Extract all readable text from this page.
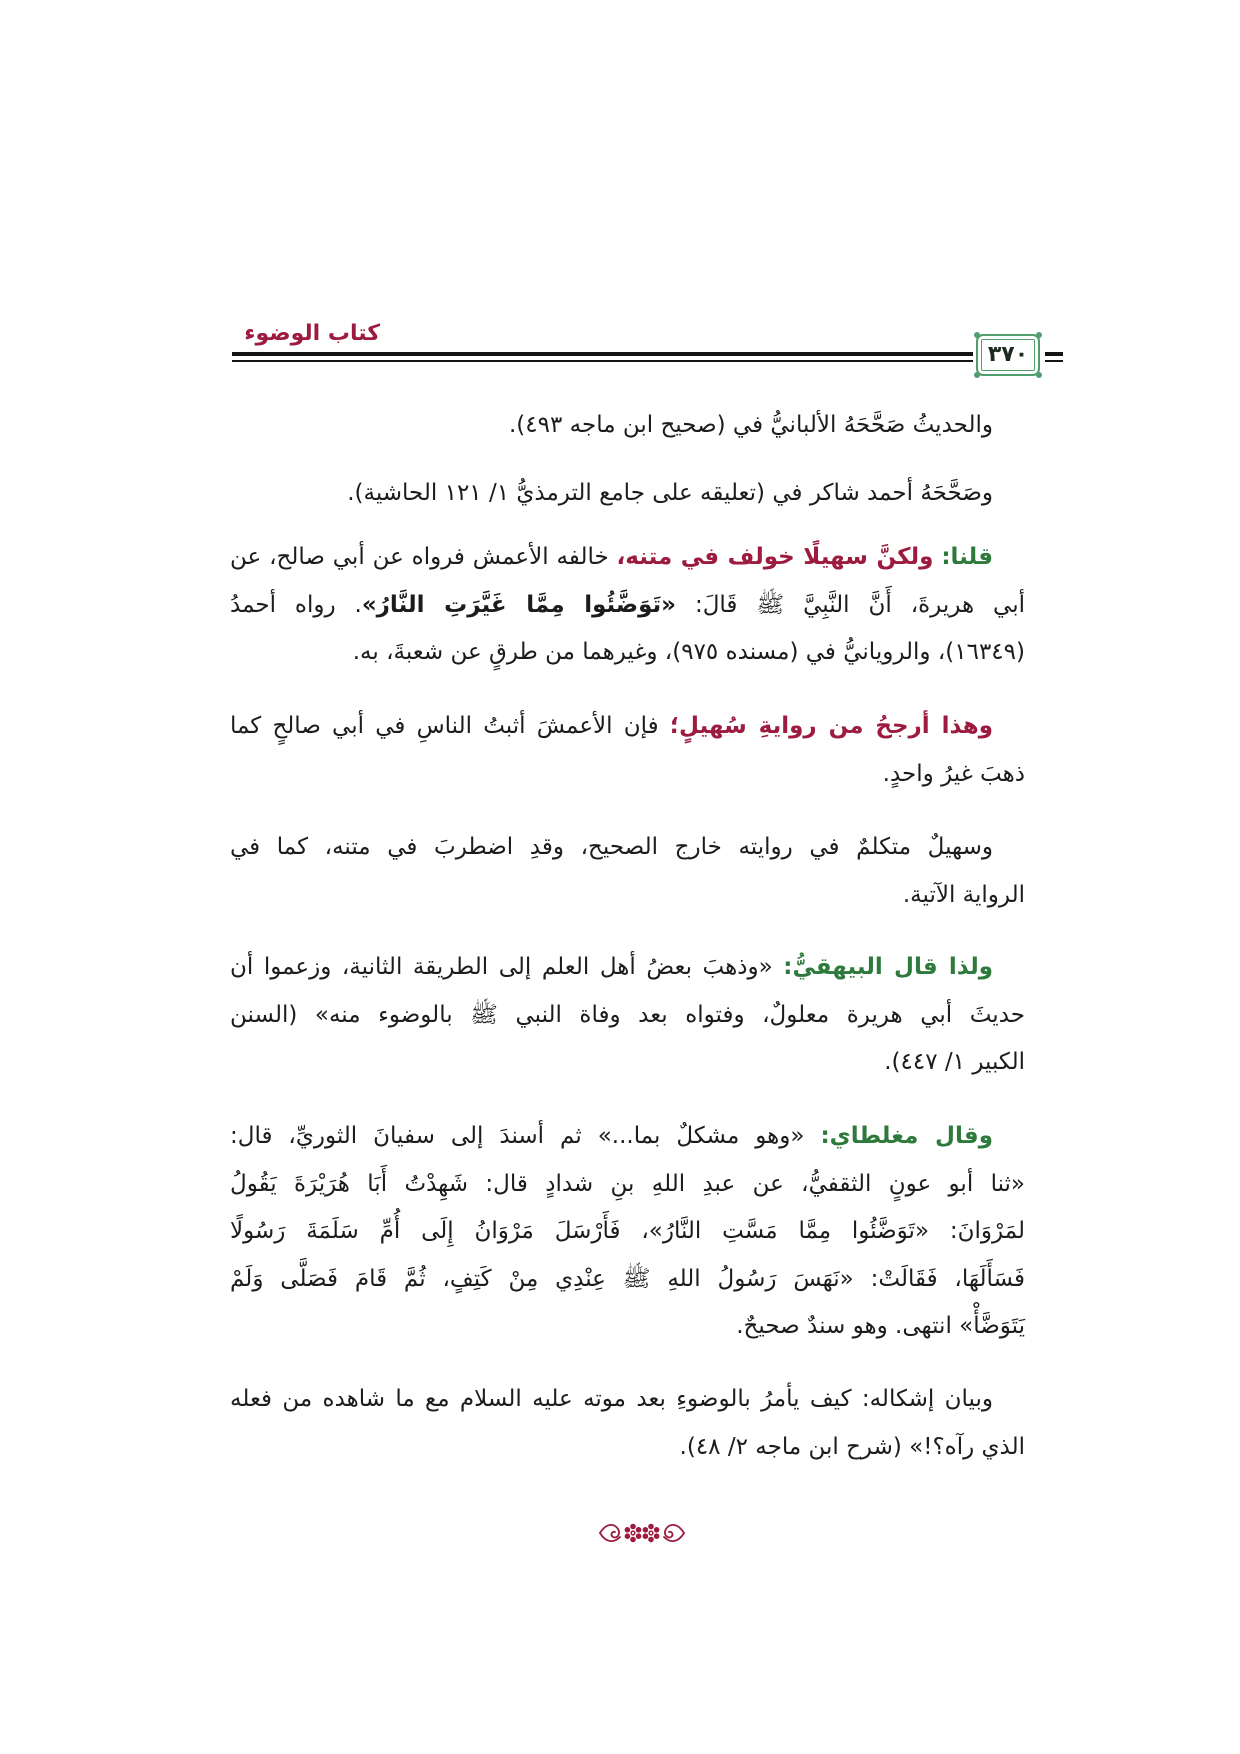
كتاب الوضوء
٣٧٠
والحديثُ صَحَّحَهُ الألبانيُّ في (صحيح ابن ماجه ٤٩٣).
وصَحَّحَهُ أحمد شاكر في (تعليقه على جامع الترمذيُّ ١/ ١٢١ الحاشية).
قلنا: ولكنَّ سهيلًا خولف في متنه، خالفه الأعمش فرواه عن أبي صالح، عن
أبي هريرةَ، أَنَّ النَّبِيَّ ﷺ قَالَ: «تَوَضَّئُوا مِمَّا غَيَّرَتِ النَّارُ». رواه أحمدُ
(١٦٣٤٩)، والرويانيُّ في (مسنده ٩٧٥)، وغيرهما من طرقٍ عن شعبةَ، به.
وهذا أرجحُ من روايةِ سُهيلٍ؛ فإن الأعمشَ أثبتُ الناسِ في أبي صالحٍ كما
ذهبَ غيرُ واحدٍ.
وسهيلٌ متكلمٌ في روايته خارج الصحيح، وقدِ اضطربَ في متنه، كما في
الرواية الآتية.
ولذا قال البيهقيُّ: «وذهبَ بعضُ أهل العلم إلى الطريقة الثانية، وزعموا أن
حديثَ أبي هريرة معلولٌ، وفتواه بعد وفاة النبي ﷺ بالوضوء منه» (السنن
الكبير ١/ ٤٤٧).
وقال مغلطاي: «وهو مشكلٌ بما...» ثم أسندَ إلى سفيانَ الثوريِّ، قال:
«ثنا أبو عونٍ الثقفيُّ، عن عبدِ اللهِ بنِ شدادٍ قال: شَهِدْتُ أَبَا هُرَيْرَةَ يَقُولُ
لمَرْوَانَ: «تَوَضَّئُوا مِمَّا مَسَّتِ النَّارُ»، فَأَرْسَلَ مَرْوَانُ إِلَى أُمِّ سَلَمَةَ رَسُولًا
فَسَأَلَهَا، فَقَالَتْ: «نَهَسَ رَسُولُ اللهِ ﷺ عِنْدِي مِنْ كَتِفٍ، ثُمَّ قَامَ فَصَلَّى وَلَمْ
يَتَوَضَّأْ» انتهى. وهو سندٌ صحيحٌ.
وبيان إشكاله: كيف يأمرُ بالوضوءِ بعد موته عليه السلام مع ما شاهده من فعله
الذي رآه؟!» (شرح ابن ماجه ٢/ ٤٨).
